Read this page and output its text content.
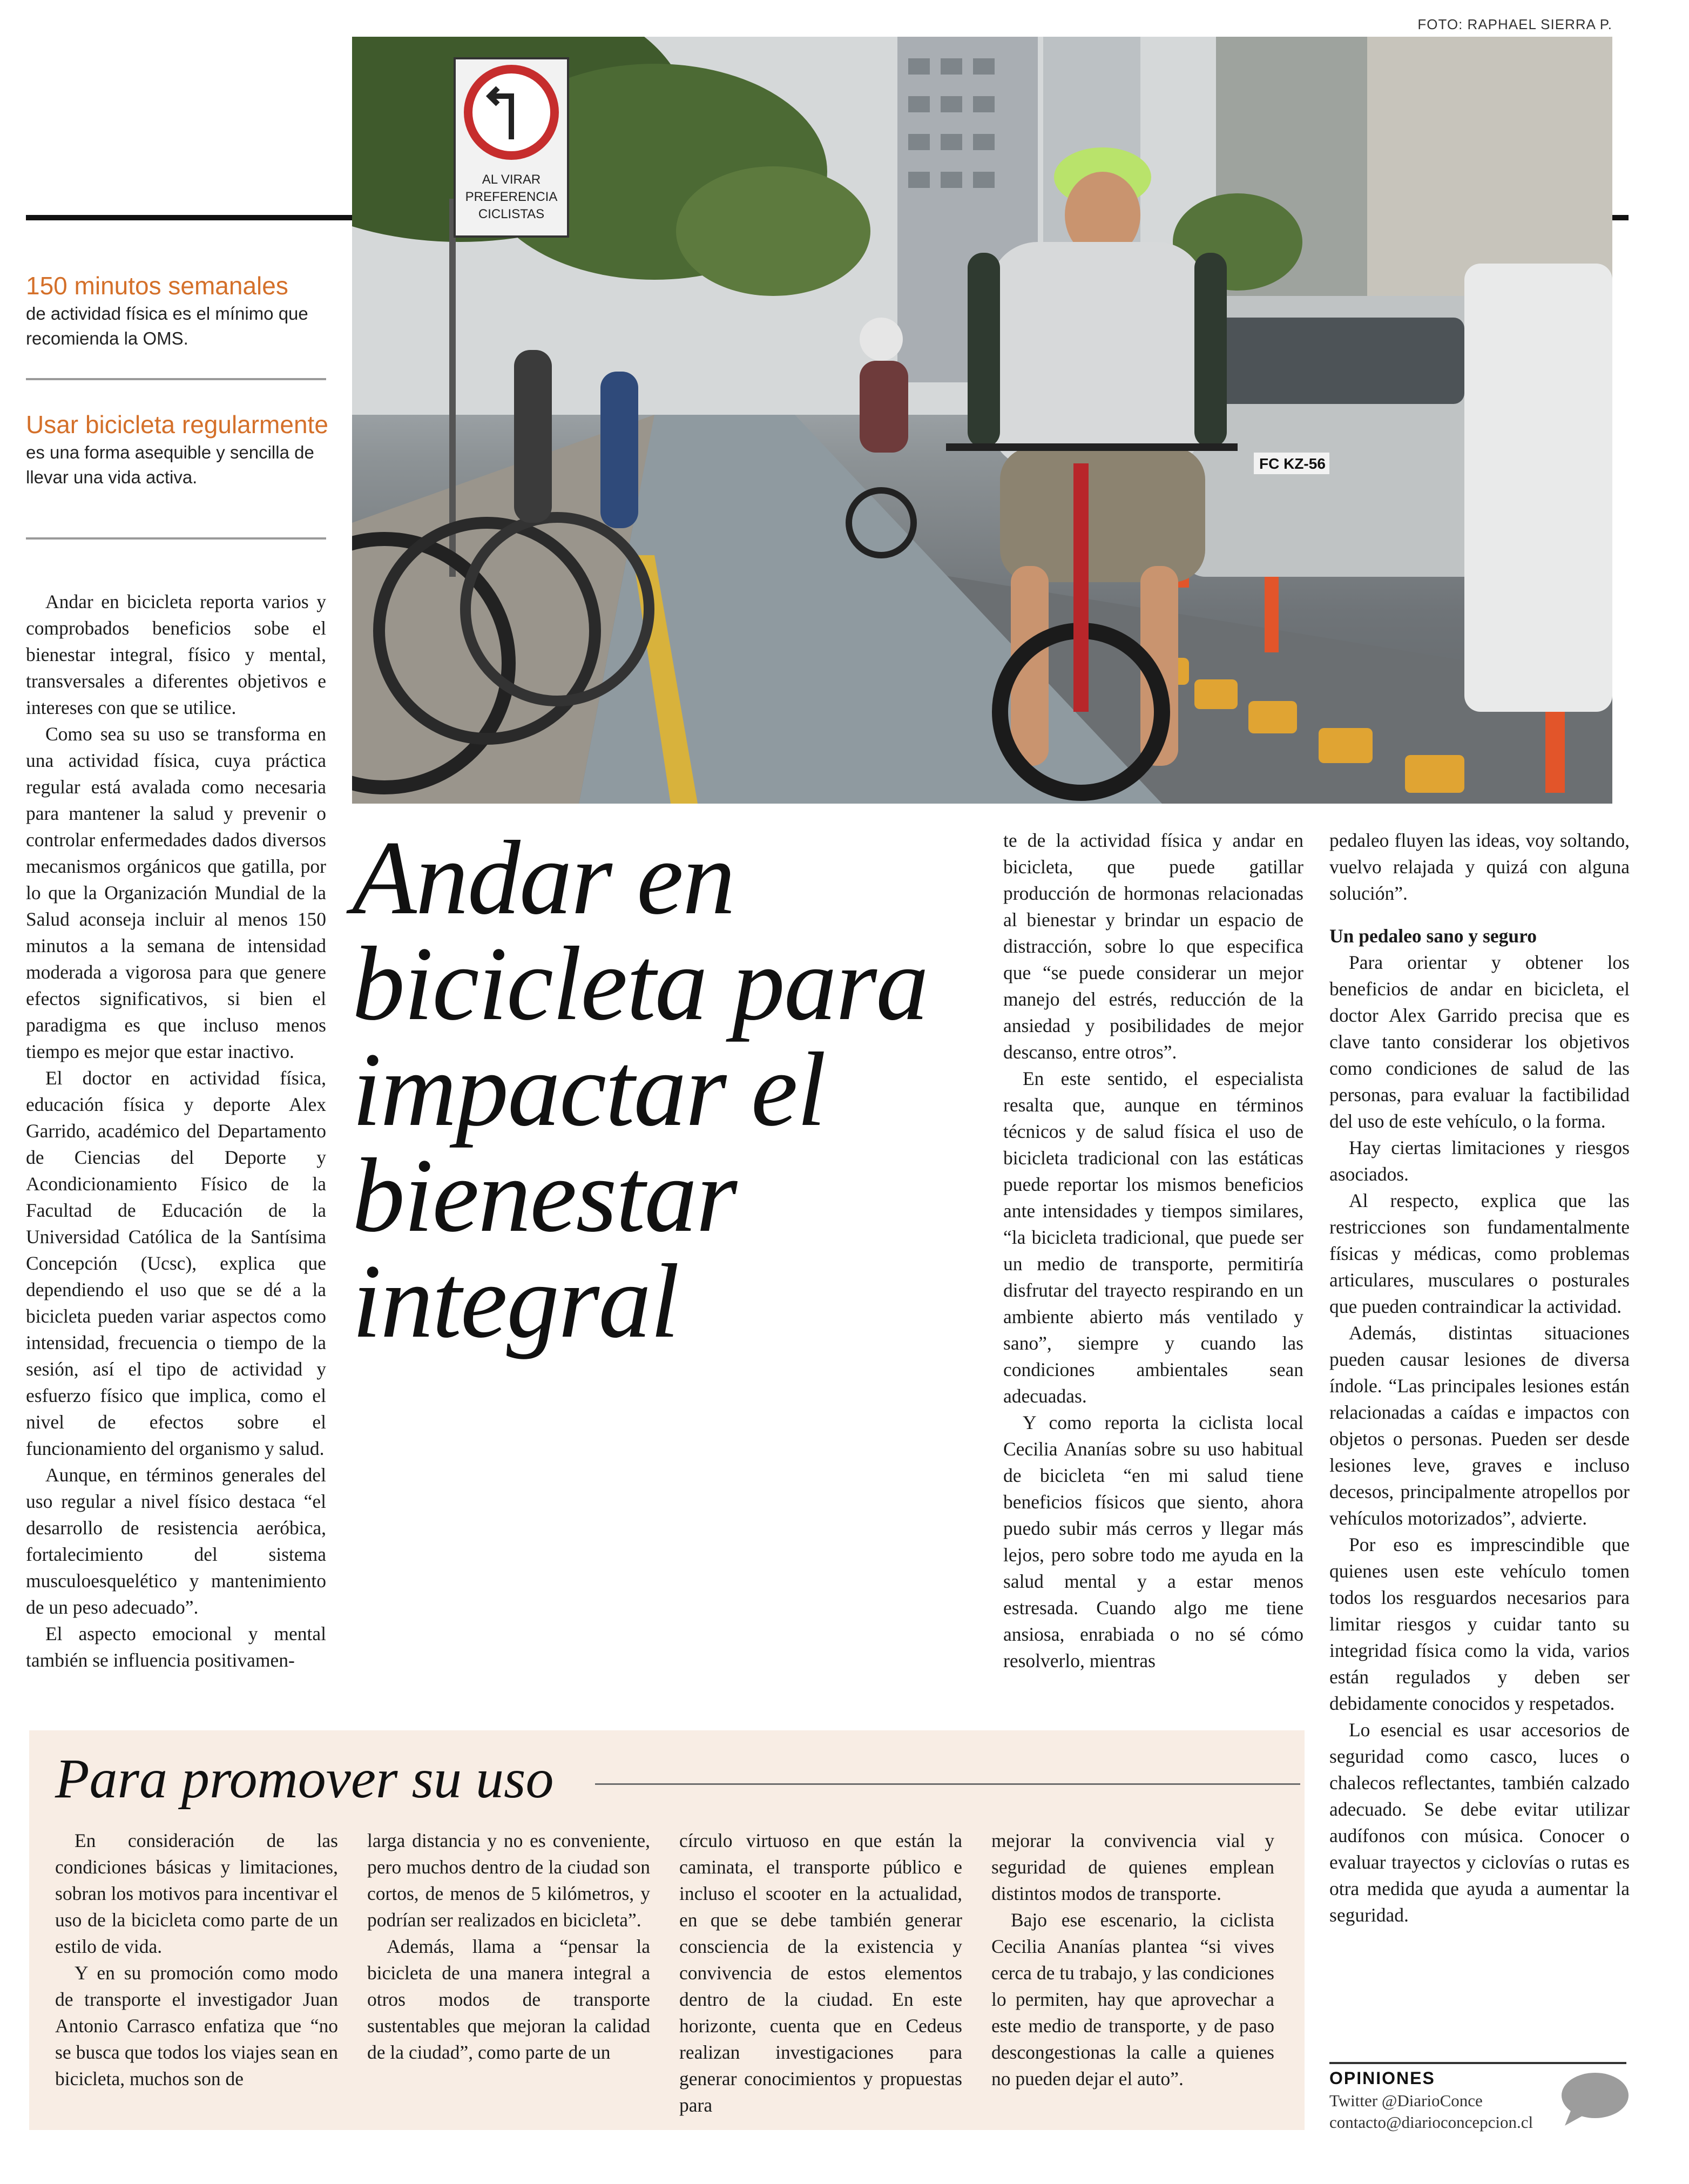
FOTO: RAPHAEL SIERRA P.
FC KZ-56
AL VIRAR
PREFERENCIA
CICLISTAS
150 minutos semanales
de actividad física es el mínimo que recomienda la OMS.
Usar bicicleta regularmente
es una forma asequible y sencilla de llevar una vida activa.

Andar en bicicleta reporta varios y comprobados beneficios sobe el bienestar integral, físico y mental, transversales a diferentes objetivos e intereses con que se utilice.

Como sea su uso se transforma en una actividad física, cuya práctica regular está avalada como necesaria para mantener la salud y prevenir o controlar enfermedades dados diversos mecanismos orgánicos que gatilla, por lo que la Organización Mundial de la Salud aconseja incluir al menos 150 minutos a la semana de intensidad moderada a vigorosa para que genere efectos significativos, si bien el paradigma es que incluso menos tiempo es mejor que estar inactivo.

El doctor en actividad física, educación física y deporte Alex Garrido, académico del Departamento de Ciencias del Deporte y Acondicionamiento Físico de la Facultad de Educación de la Universidad Católica de la Santísima Concepción (Ucsc), explica que dependiendo el uso que se dé a la bicicleta pueden variar aspectos como intensidad, frecuencia o tiempo de la sesión, así el tipo de actividad y esfuerzo físico que implica, como el nivel de efectos sobre el funcionamiento del organismo y salud.

Aunque, en términos generales del uso regular a nivel físico destaca “el desarrollo de resistencia aeróbica, fortalecimiento del sistema musculoesquelético y mantenimiento de un peso adecuado”.

El aspecto emocional y mental también se influencia positivamen-

Andar en bicicleta para impactar el bienestar integral

te de la actividad física y andar en bicicleta, que puede gatillar producción de hormonas relacionadas al bienestar y brindar un espacio de distracción, sobre lo que especifica que “se puede considerar un mejor manejo del estrés, reducción de la ansiedad y posibilidades de mejor descanso, entre otros”.

En este sentido, el especialista resalta que, aunque en términos técnicos y de salud física el uso de bicicleta tradicional con las estáticas puede reportar los mismos beneficios ante intensidades y tiempos similares, “la bicicleta tradicional, que puede ser un medio de transporte, permitiría disfrutar del trayecto respirando en un ambiente abierto más ventilado y sano”, siempre y cuando las condiciones ambientales sean adecuadas.

Y como reporta la ciclista local Cecilia Ananías sobre su uso habitual de bicicleta “en mi salud tiene beneficios físicos que siento, ahora puedo subir más cerros y llegar más lejos, pero sobre todo me ayuda en la salud mental y a estar menos estresada. Cuando algo me tiene ansiosa, enrabiada o no sé cómo resolverlo, mientras

pedaleo fluyen las ideas, voy soltando, vuelvo relajada y quizá con alguna solución”.

Un pedaleo sano y seguro

Para orientar y obtener los beneficios de andar en bicicleta, el doctor Alex Garrido precisa que es clave tanto considerar los objetivos como condiciones de salud de las personas, para evaluar la factibilidad del uso de este vehículo, o la forma.

Hay ciertas limitaciones y riesgos asociados.

Al respecto, explica que las restricciones son fundamentalmente físicas y médicas, como problemas articulares, musculares o posturales que pueden contraindicar la actividad.

Además, distintas situaciones pueden causar lesiones de diversa índole. “Las principales lesiones están relacionadas a caídas e impactos con objetos o personas. Pueden ser desde lesiones leve, graves e incluso decesos, principalmente atropellos por vehículos motorizados”, advierte.

Por eso es imprescindible que quienes usen este vehículo tomen todos los resguardos necesarios para limitar riesgos y cuidar tanto su integridad física como la vida, varios están regulados y deben ser debidamente conocidos y respetados.

Lo esencial es usar accesorios de seguridad como casco, luces o chalecos reflectantes, también calzado adecuado. Se debe evitar utilizar audífonos con música. Conocer o evaluar trayectos y ciclovías o rutas es otra medida que ayuda a aumentar la seguridad.

Para promover su uso

En consideración de las condiciones básicas y limitaciones, sobran los motivos para incentivar el uso de la bicicleta como parte de un estilo de vida.

Y en su promoción como modo de transporte el investigador Juan Antonio Carrasco enfatiza que “no se busca que todos los viajes sean en bicicleta, muchos son de

larga distancia y no es conveniente, pero muchos dentro de la ciudad son cortos, de menos de 5 kilómetros, y podrían ser realizados en bicicleta”.

Además, llama a “pensar la bicicleta de una manera integral a otros modos de transporte sustentables que mejoran la calidad de la ciudad”, como parte de un

círculo virtuoso en que están la caminata, el transporte público e incluso el scooter en la actualidad, en que se debe también generar consciencia de la existencia y convivencia de estos elementos dentro de la ciudad. En este horizonte, cuenta que en Cedeus realizan investigaciones para generar conocimientos y propuestas para

mejorar la convivencia vial y seguridad de quienes emplean distintos modos de transporte.

Bajo ese escenario, la ciclista Cecilia Ananías plantea “si vives cerca de tu trabajo, y las condiciones lo permiten, hay que aprovechar a este medio de transporte, y de paso descongestionas la calle a quienes no pueden dejar el auto”.	OPINIONES
Twitter @DiarioConce
contacto@diarioconcepcion.cl
